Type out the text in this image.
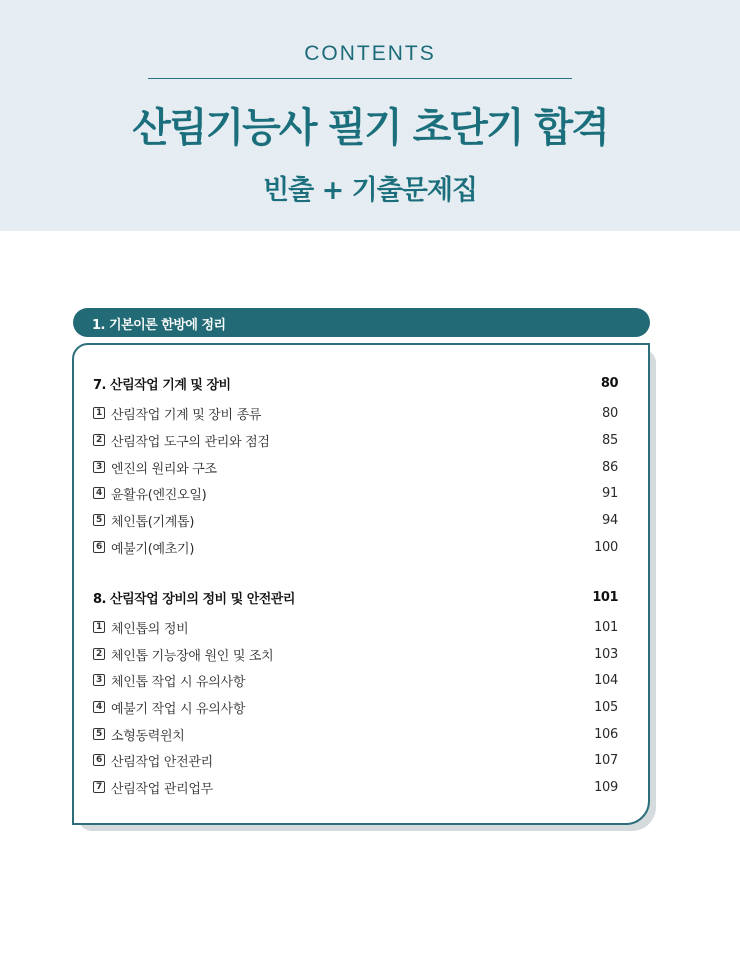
CONTENTS
산림기능사 필기 초단기 합격
빈출 + 기출문제집
1. 기본이론 한방에 정리
7. 산림작업 기계 및 장비	80
1 산림작업 기계 및 장비 종류	80
2 산림작업 도구의 관리와 점검	85
3 엔진의 원리와 구조	86
4 윤활유(엔진오일)	91
5 체인톱(기계톱)	94
6 예불기(예초기)	100
8. 산림작업 장비의 정비 및 안전관리	101
1 체인톱의 정비	101
2 체인톱 기능장애 원인 및 조치	103
3 체인톱 작업 시 유의사항	104
4 예불기 작업 시 유의사항	105
5 소형동력윈치	106
6 산림작업 안전관리	107
7 산림작업 관리업무	109
